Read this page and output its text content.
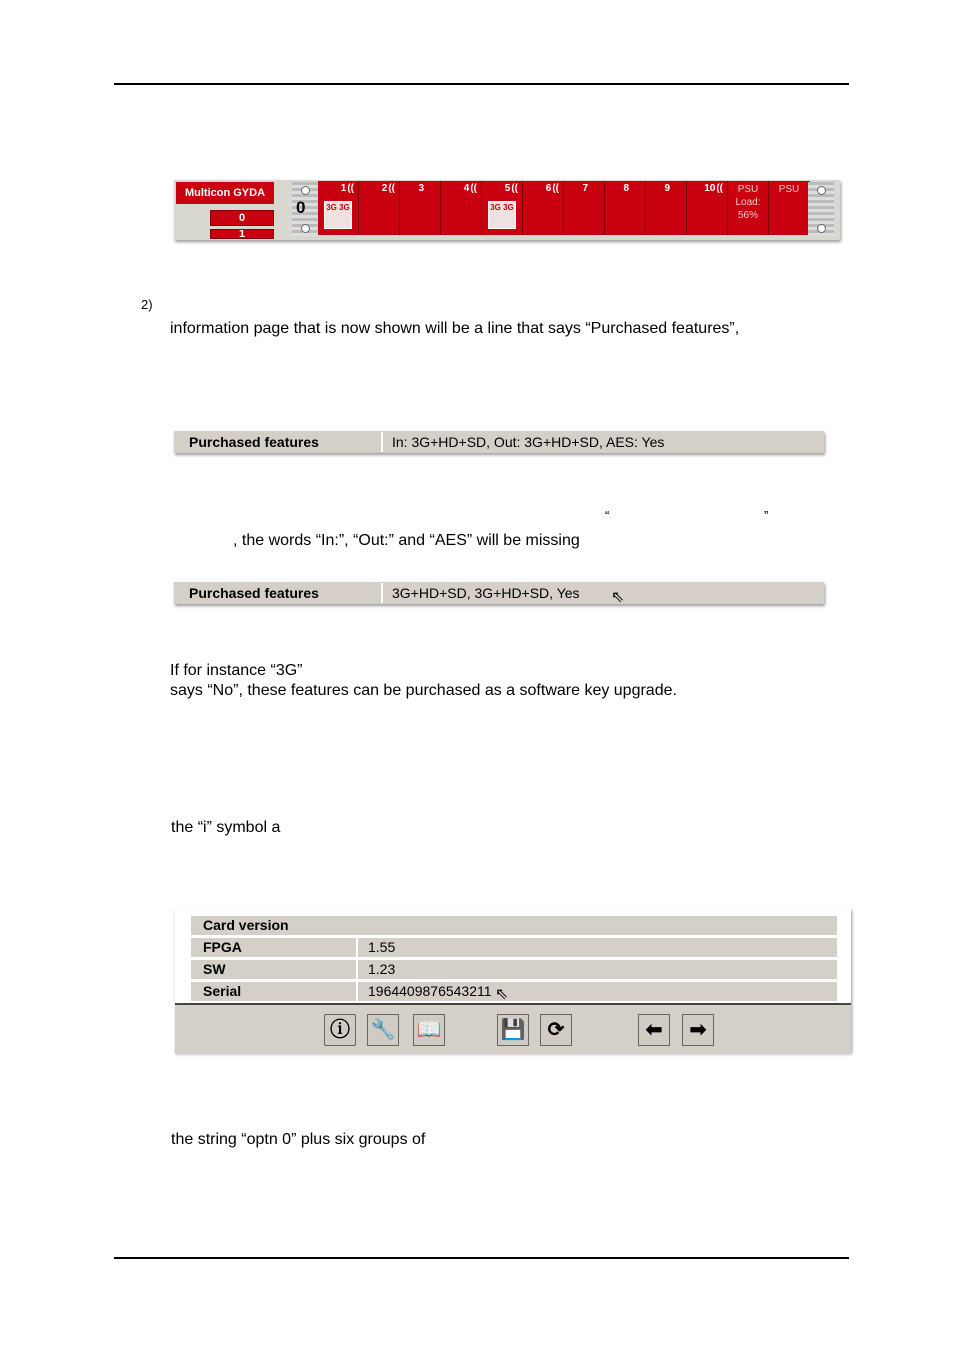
Multicon GYDA
0
1
0
1((
3G 3G
2(( 3	4((	5((
3G 3G
6(( 7	8	9	10((	PSU
Load:
56%
PSU
2)
information page that is now shown will be a line that says “Purchased features”,
Purchased features	In: 3G+HD+SD, Out: 3G+HD+SD, AES: Yes
“	”
, the words “In:”, “Out:” and “AES” will be missing
Purchased features	3G+HD+SD, 3G+HD+SD, Yes ⇖
If for instance “3G”
says “No”, these features can be purchased as a software key upgrade.
the “i” symbol a
Card version
FPGA	1.55
SW	1.23
Serial	1964409876543211 ⇖
ⓘ	🔧 📖	💾	⟳	⬅	➡
the string “optn 0” plus six groups of
